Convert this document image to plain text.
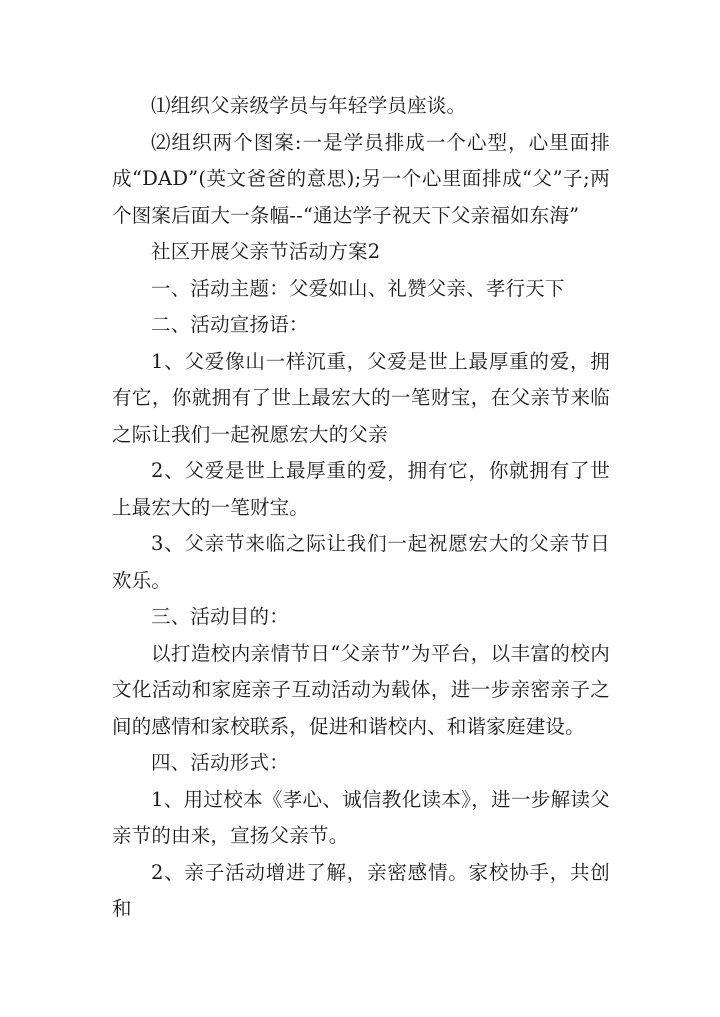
⑴组织父亲级学员与年轻学员座谈。

⑵组织两个图案:一是学员排成一个心型，心里面排成“DAD”(英文爸爸的意思);另一个心里面排成“父”子;两个图案后面大一条幅--“通达学子祝天下父亲福如东海”

社区开展父亲节活动方案2

一、活动主题：父爱如山、礼赞父亲、孝行天下

二、活动宣扬语：

1、父爱像山一样沉重，父爱是世上最厚重的爱，拥有它，你就拥有了世上最宏大的一笔财宝，在父亲节来临之际让我们一起祝愿宏大的父亲

2、父爱是世上最厚重的爱，拥有它，你就拥有了世上最宏大的一笔财宝。

3、父亲节来临之际让我们一起祝愿宏大的父亲节日欢乐。

三、活动目的：

以打造校内亲情节日“父亲节”为平台，以丰富的校内文化活动和家庭亲子互动活动为载体，进一步亲密亲子之间的感情和家校联系，促进和谐校内、和谐家庭建设。

四、活动形式：

1、用过校本《孝心、诚信教化读本》，进一步解读父亲节的由来，宣扬父亲节。

2、亲子活动增进了解，亲密感情。家校协手，共创和
